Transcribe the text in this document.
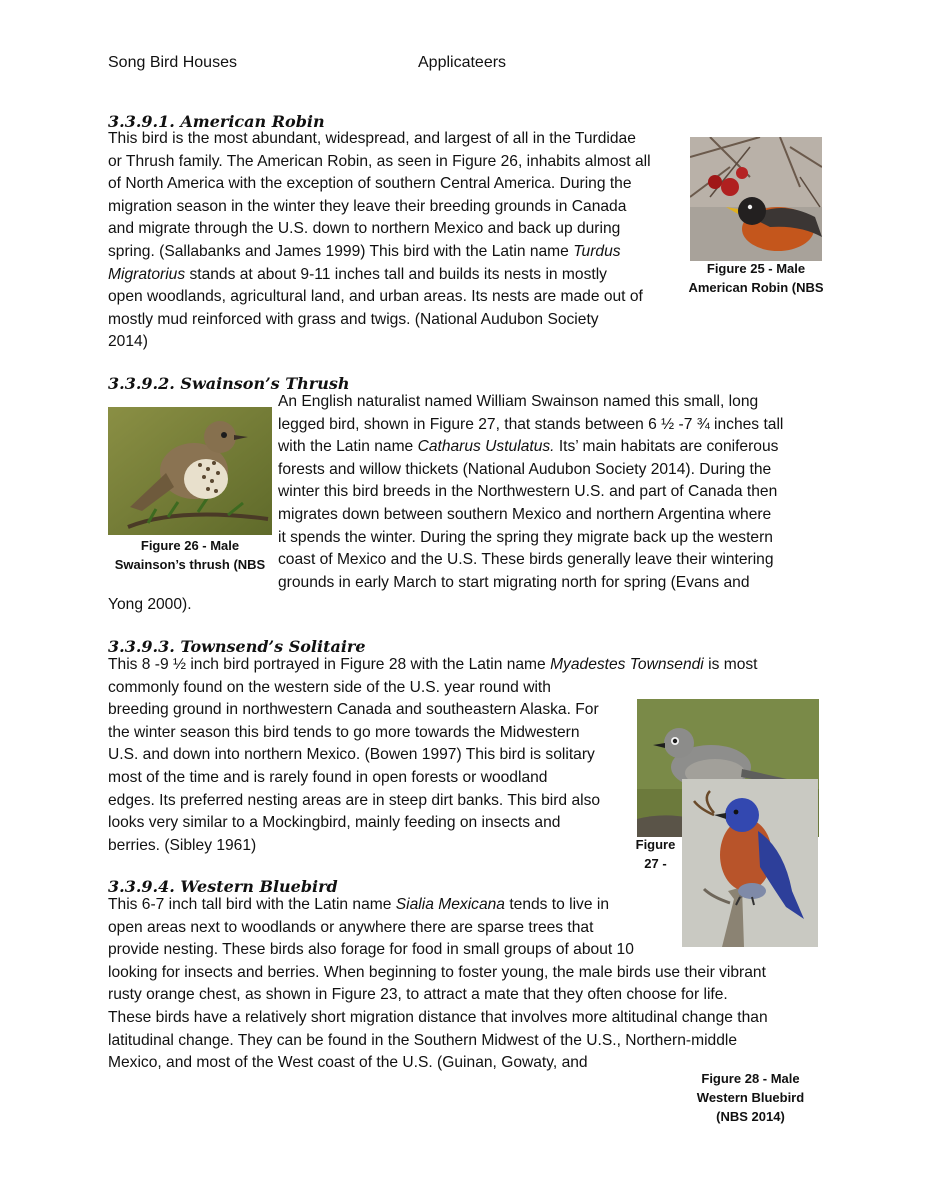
Song Bird Houses	Applicateers
3.3.9.1. American Robin
This bird is the most abundant, widespread, and largest of all in the Turdidae
or Thrush family. The American Robin, as seen in Figure 26, inhabits almost all
of North America with the exception of southern Central America. During the
migration season in the winter they leave their breeding grounds in Canada
and migrate through the U.S. down to northern Mexico and back up during
spring. (Sallabanks and James 1999) This bird with the Latin name Turdus
Migratorius stands at about 9-11 inches tall and builds its nests in mostly
open woodlands, agricultural land, and urban areas. Its nests are made out of
mostly mud reinforced with grass and twigs. (National Audubon Society
2014)
Figure 25 - Male
American Robin (NBS
3.3.9.2. Swainson’s Thrush
An English naturalist named William Swainson named this small, long
legged bird, shown in Figure 27, that stands between 6 ½ -7 ¾ inches tall
with the Latin name Catharus Ustulatus. Its’ main habitats are coniferous
forests and willow thickets (National Audubon Society 2014). During the
winter this bird breeds in the Northwestern U.S. and part of Canada then
migrates down between southern Mexico and northern Argentina where
it spends the winter. During the spring they migrate back up the western
coast of Mexico and the U.S. These birds generally leave their wintering
grounds in early March to start migrating north for spring (Evans and
Yong 2000).
Figure 26 - Male
Swainson’s thrush (NBS
3.3.9.3. Townsend’s Solitaire
This 8 -9 ½ inch bird portrayed in Figure 28 with the Latin name Myadestes Townsendi is most
commonly found on the western side of the U.S. year round with
breeding ground in northwestern Canada and southeastern Alaska. For
the winter season this bird tends to go more towards the Midwestern
U.S. and down into northern Mexico. (Bowen 1997) This bird is solitary
most of the time and is rarely found in open forests or woodland
edges. Its preferred nesting areas are in steep dirt banks. This bird also
looks very similar to a Mockingbird, mainly feeding on insects and
berries. (Sibley 1961)	Figure
27 -
3.3.9.4. Western Bluebird
This 6-7 inch tall bird with the Latin name Sialia Mexicana tends to live in
open areas next to woodlands or anywhere there are sparse trees that
provide nesting. These birds also forage for food in small groups of about 10
looking for insects and berries. When beginning to foster young, the male birds use their vibrant
rusty orange chest, as shown in Figure 23, to attract a mate that they often choose for life.
These birds have a relatively short migration distance that involves more altitudinal change than
latitudinal change. They can be found in the Southern Midwest of the U.S., Northern-middle
Mexico, and most of the West coast of the U.S. (Guinan, Gowaty, and
Figure 28 - Male
Western Bluebird
(NBS 2014)
